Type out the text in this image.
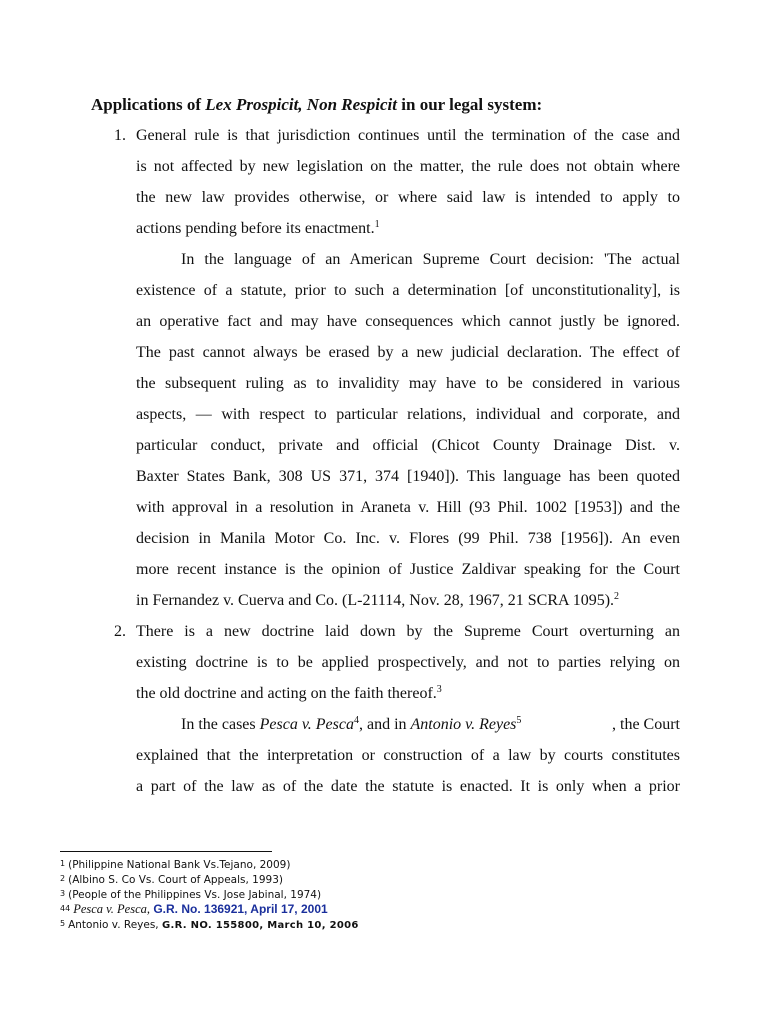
Applications of Lex Prospicit, Non Respicit in our legal system:
1. General rule is that jurisdiction continues until the termination of the case and
is not affected by new legislation on the matter, the rule does not obtain where
the new law provides otherwise, or where said law is intended to apply to
actions pending before its enactment.$^1$
In the language of an American Supreme Court decision: 'The actual
existence of a statute, prior to such a determination [of unconstitutionality], is
an operative fact and may have consequences which cannot justly be ignored.
The past cannot always be erased by a new judicial declaration. The effect of
the subsequent ruling as to invalidity may have to be considered in various
aspects, — with respect to particular relations, individual and corporate, and
particular conduct, private and official (Chicot County Drainage Dist. v.
Baxter States Bank, 308 US 371, 374 [1940]). This language has been quoted
with approval in a resolution in Araneta v. Hill (93 Phil. 1002 [1953]) and the
decision in Manila Motor Co. Inc. v. Flores (99 Phil. 738 [1956]). An even
more recent instance is the opinion of Justice Zaldivar speaking for the Court
in Fernandez v. Cuerva and Co. (L-21114, Nov. 28, 1967, 21 SCRA 1095).$^2$
2. There is a new doctrine laid down by the Supreme Court overturning an
existing doctrine is to be applied prospectively, and not to parties relying on
the old doctrine and acting on the faith thereof.$^3$
In the cases Pesca v. Pesca$^4$, and in Antonio v. Reyes$^5$	, the Court
explained that the interpretation or construction of a law by courts constitutes
a part of the law as of the date the statute is enacted. It is only when a prior
1 (Philippine National Bank Vs.Tejano, 2009)
2 (Albino S. Co Vs. Court of Appeals, 1993)
3 (People of the Philippines Vs. Jose Jabinal, 1974)
44 Pesca v. Pesca, G.R. No. 136921, April 17, 2001
5 Antonio v. Reyes, G.R. NO. 155800, March 10, 2006
